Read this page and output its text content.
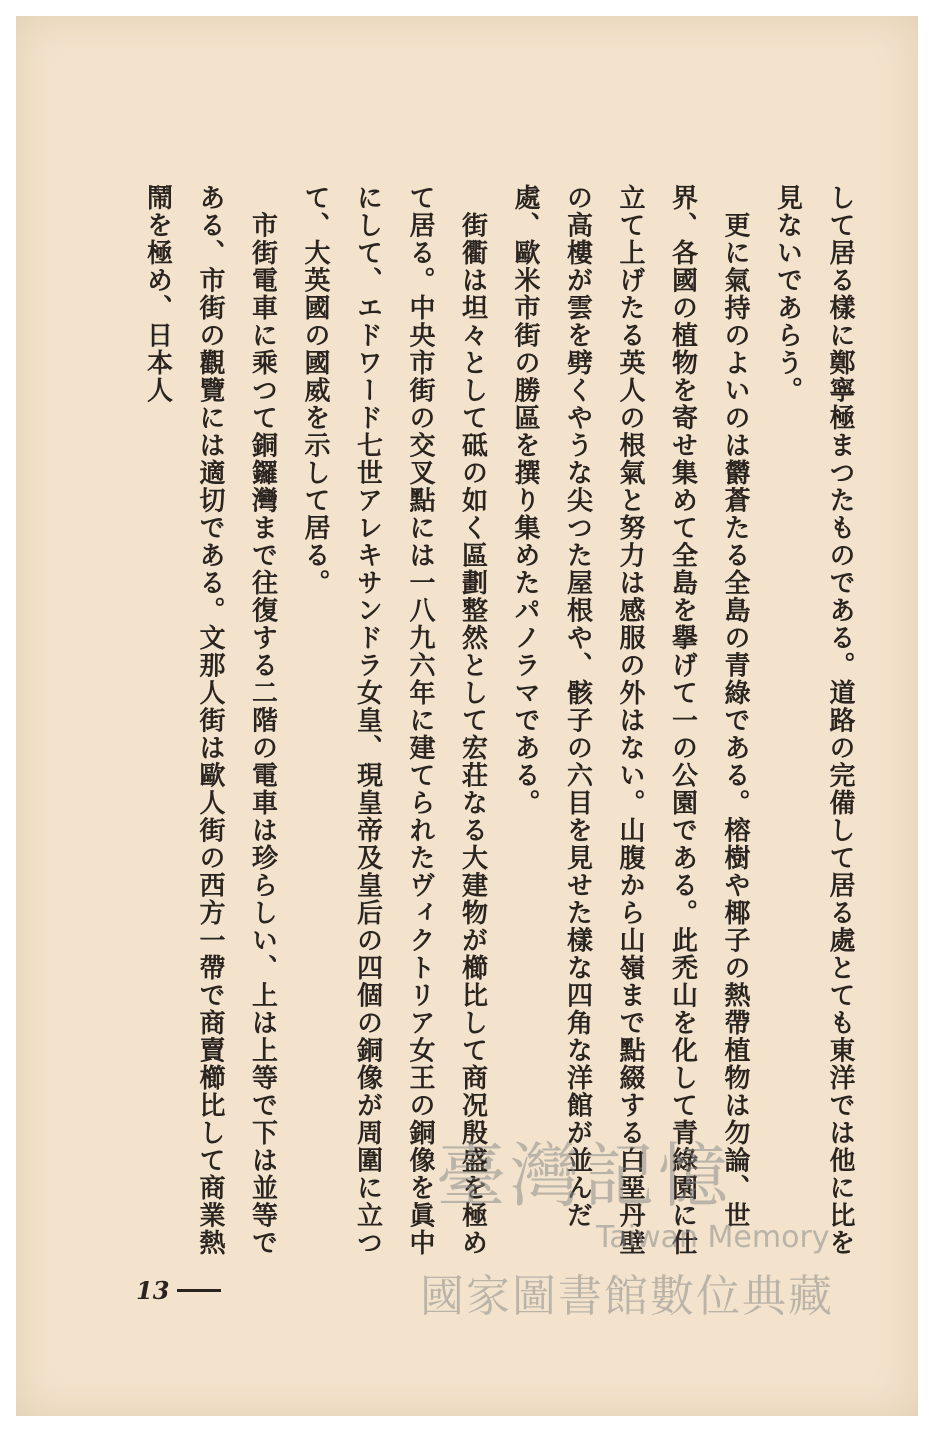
して居る樣に鄭寧極まつたものである。道路の完備して居る處とても東洋では他に比を見ないであらう。

　更に氣持のよいのは欝蒼たる全島の青綠である。榕樹や椰子の熱帶植物は勿論、世界、各國の植物を寄せ集めて全島を擧げて一の公園である。此禿山を化して青綠園に仕立て上げたる英人の根氣と努力は感服の外はない。山腹から山嶺まで點綴する白堊丹壁の高樓が雲を劈くやうな尖つた屋根や、骸子の六目を見せた樣な四角な洋館が並んだ處、歐米市街の勝區を撰り集めたパノラマである。

　街衢は坦々として砥の如く區劃整然として宏荘なる大建物が櫛比して商况殷盛を極めて居る。中央市街の交叉點には一八九六年に建てられたヴィクトリア女王の銅像を眞中にして、エドワード七世アレキサンドラ女皇、現皇帝及皇后の四個の銅像が周圍に立つて、大英國の國威を示して居る。

　市街電車に乘つて銅鑼灣まで往復する二階の電車は珍らしい、上は上等で下は並等である、市街の觀覽には適切である。文那人街は歐人街の西方一帶で商賣櫛比して商業熱鬧を極め、日本人

13
臺灣記憶
Taiwan Memory
國家圖書館數位典藏
